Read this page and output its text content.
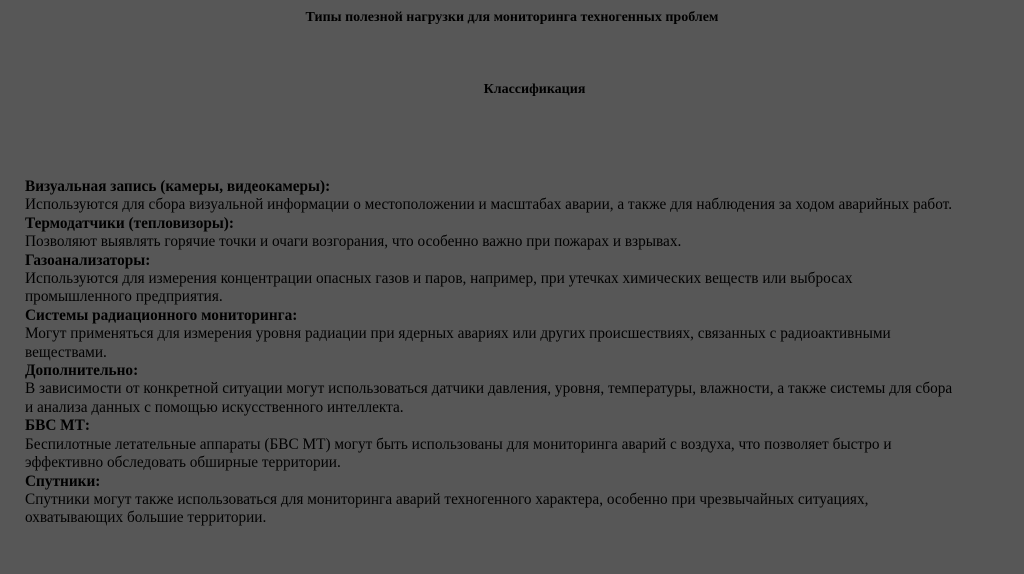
Типы полезной нагрузки для мониторинга техногенных проблем
Классификация

Визуальная запись (камеры, видеокамеры):

Используются для сбора визуальной информации о местоположении и масштабах аварии, а также для наблюдения за ходом аварийных работ.

Термодатчики (тепловизоры):

Позволяют выявлять горячие точки и очаги возгорания, что особенно важно при пожарах и взрывах.

Газоанализаторы:

Используются для измерения концентрации опасных газов и паров, например, при утечках химических веществ или выбросах промышленного предприятия.

Системы радиационного мониторинга:

Могут применяться для измерения уровня радиации при ядерных авариях или других происшествиях, связанных с радиоактивными веществами.

Дополнительно:

В зависимости от конкретной ситуации могут использоваться датчики давления, уровня, температуры, влажности, а также системы для сбора и анализа данных с помощью искусственного интеллекта.

БВС МТ:

Беспилотные летательные аппараты (БВС МТ) могут быть использованы для мониторинга аварий с воздуха, что позволяет быстро и эффективно обследовать обширные территории.

Спутники:

Спутники могут также использоваться для мониторинга аварий техногенного характера, особенно при чрезвычайных ситуациях, охватывающих большие территории.
